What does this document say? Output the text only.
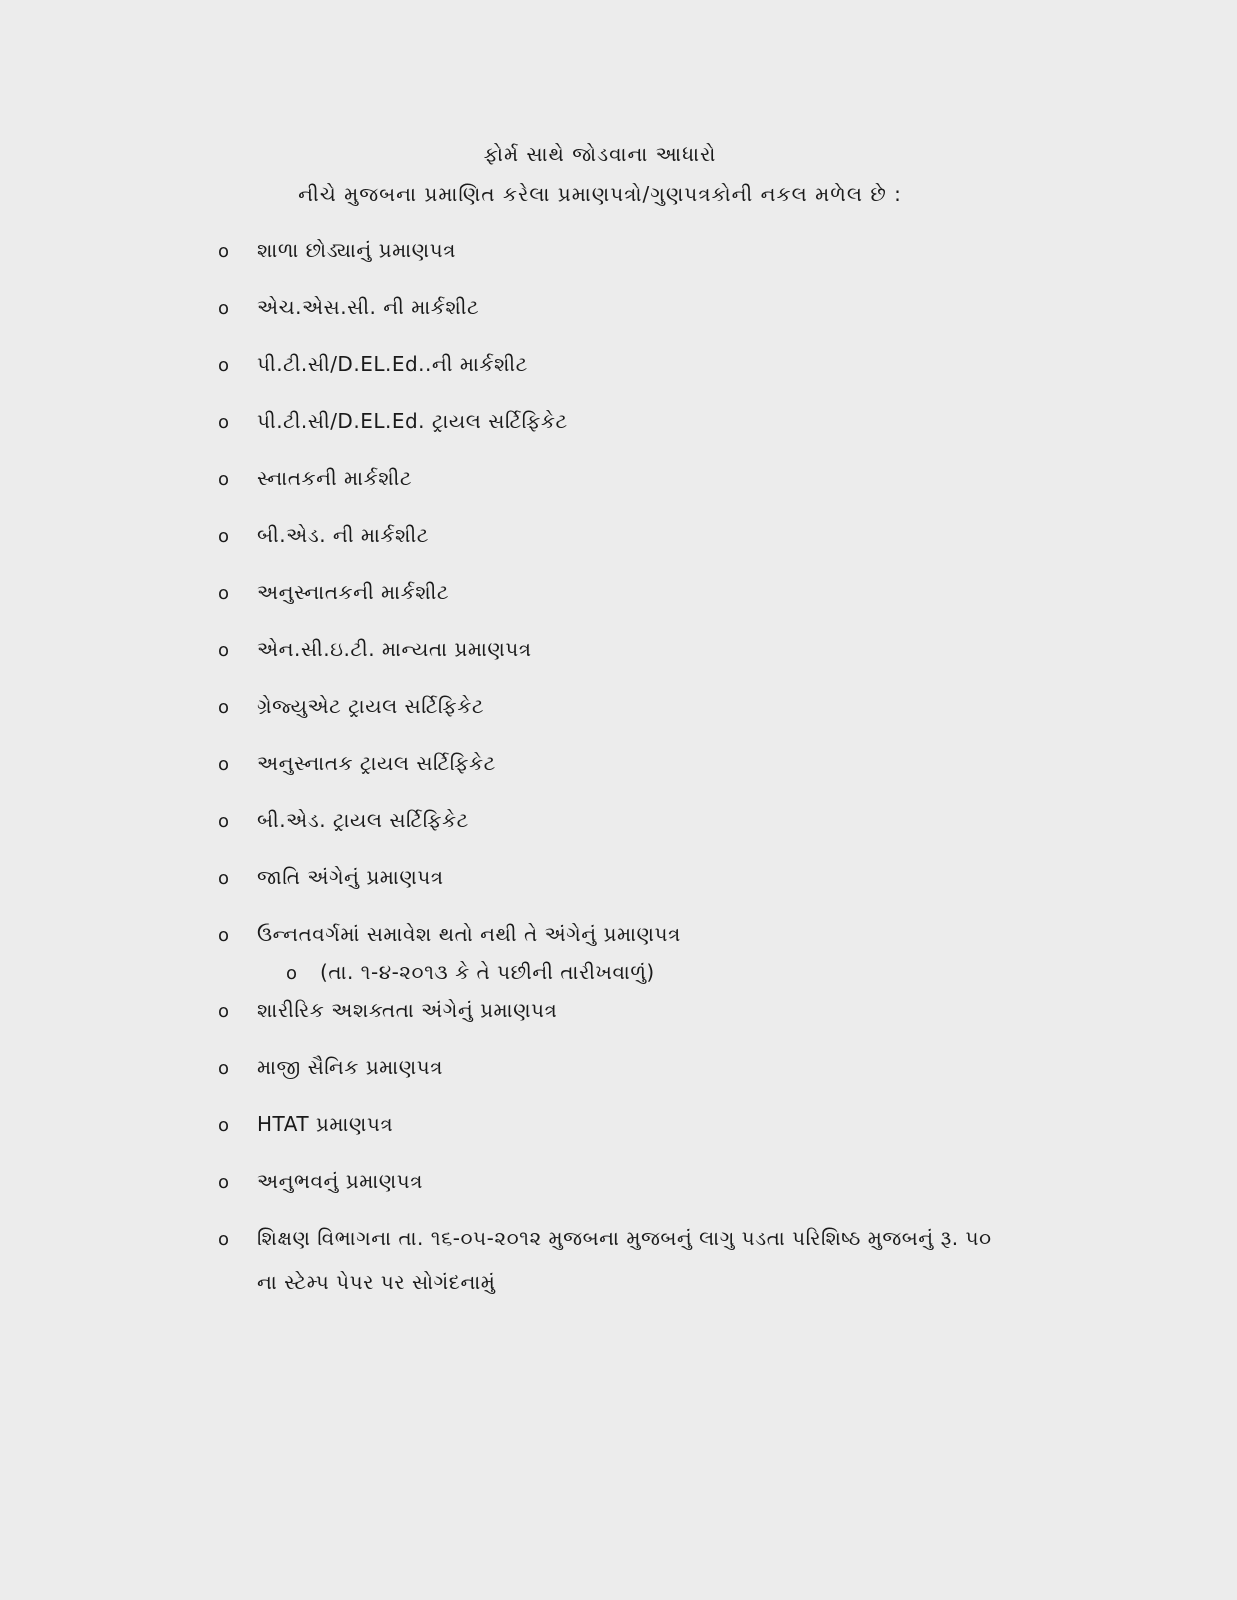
ફોર્મ સાથે જોડવાના આધારો
નીચે મુજબના પ્રમાણિત કરેલા પ્રમાણપત્રો/ગુણપત્રકોની નકલ મળેલ છે :
o	શાળા છોડ્યાનું પ્રમાણપત્ર
o	એચ.એસ.સી. ની માર્કશીટ
o	પી.ટી.સી/D.EL.Ed..ની માર્કશીટ
o	પી.ટી.સી/D.EL.Ed. ટ્રાયલ સર્ટિફિકેટ
o	સ્નાતકની માર્કશીટ
o	બી.એડ. ની માર્કશીટ
o	અનુસ્નાતકની માર્કશીટ
o	એન.સી.ઇ.ટી. માન્યતા પ્રમાણપત્ર
o	ગ્રેજ્યુએટ ટ્રાયલ સર્ટિફિકેટ
o	અનુસ્નાતક ટ્રાયલ સર્ટિફિકેટ
o	બી.એડ. ટ્રાયલ સર્ટિફિકેટ
o	જાતિ અંગેનું પ્રમાણપત્ર
o	ઉન્નતવર્ગમાં સમાવેશ થતો નથી તે અંગેનું પ્રમાણપત્ર
o	(તા. ૧-૪-૨૦૧૩ કે તે પછીની તારીખવાળું)
o	શારીરિક અશક્તતા અંગેનું પ્રમાણપત્ર
o	માજી સૈનિક પ્રમાણપત્ર
o	HTAT પ્રમાણપત્ર
o	અનુભવનું પ્રમાણપત્ર
o	શિક્ષણ વિભાગના તા. ૧૬-૦૫-૨૦૧૨ મુજબના મુજબનું લાગુ પડતા પરિશિષ્ઠ મુજબનું રૂ. ૫૦
ના સ્ટેમ્પ પેપર પર સોગંદનામું
